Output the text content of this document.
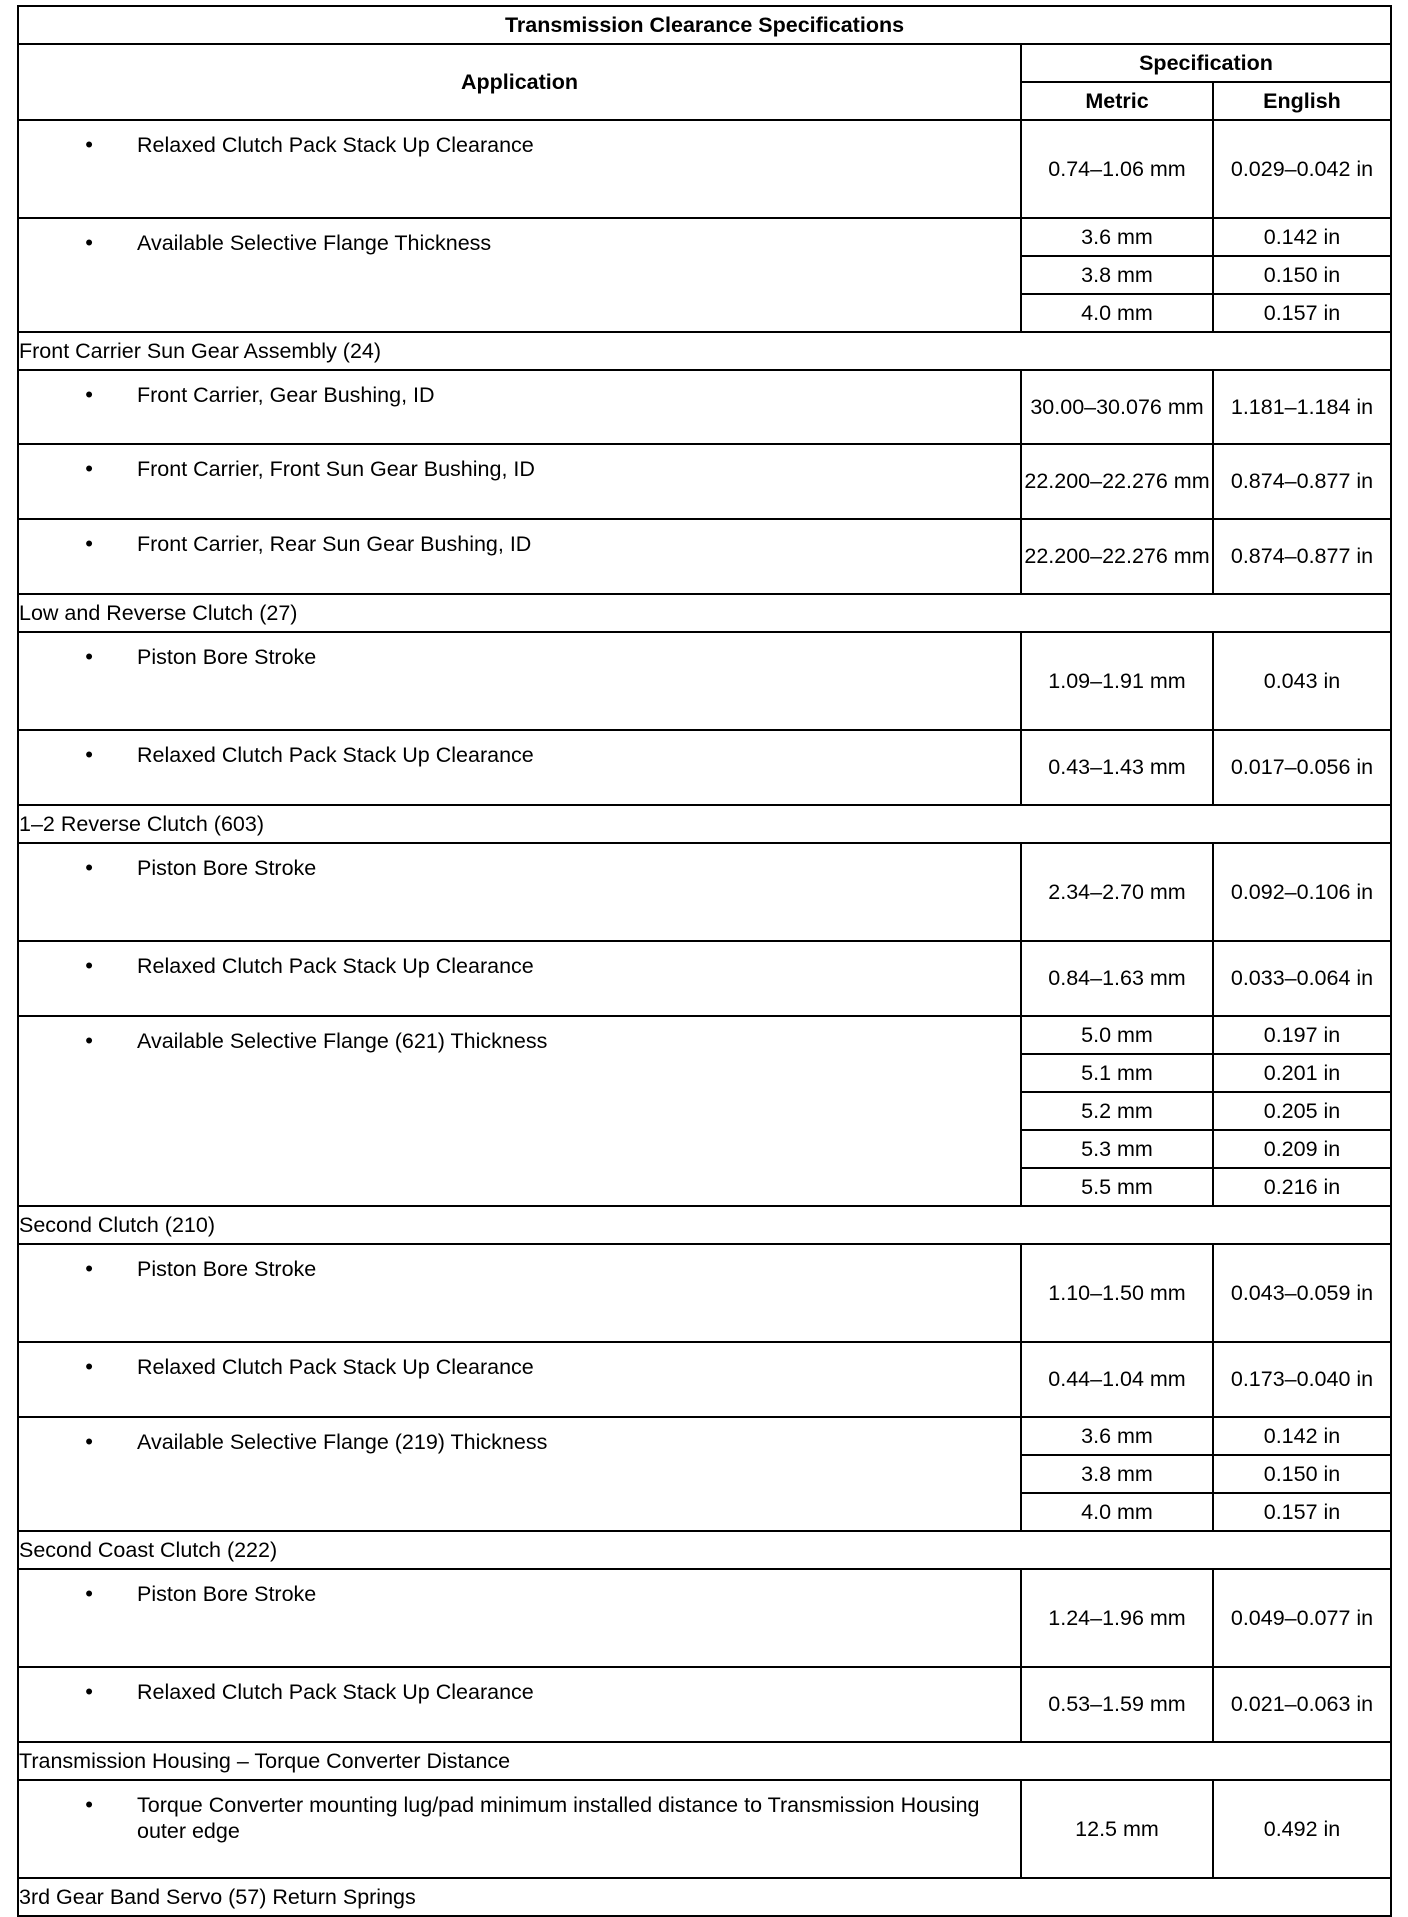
Transmission Clearance Specifications		
Application	Specification	
	Metric	English

• Relaxed Clutch Pack Stack Up Clearance	0.74–1.06 mm	0.029–0.042 in

• Available Selective Flange Thickness	3.6 mm	0.142 in
	3.8 mm	0.150 in
	4.0 mm	0.157 in
Front Carrier Sun Gear Assembly (24)		

• Front Carrier, Gear Bushing, ID	30.00–30.076 mm	1.181–1.184 in

• Front Carrier, Front Sun Gear Bushing, ID	22.200–22.276 mm	0.874–0.877 in

• Front Carrier, Rear Sun Gear Bushing, ID	22.200–22.276 mm	0.874–0.877 in
Low and Reverse Clutch (27)		

• Piston Bore Stroke	1.09–1.91 mm	0.043 in

• Relaxed Clutch Pack Stack Up Clearance	0.43–1.43 mm	0.017–0.056 in
1–2 Reverse Clutch (603)		

• Piston Bore Stroke	2.34–2.70 mm	0.092–0.106 in

• Relaxed Clutch Pack Stack Up Clearance	0.84–1.63 mm	0.033–0.064 in

• Available Selective Flange (621) Thickness	5.0 mm	0.197 in
	5.1 mm	0.201 in
	5.2 mm	0.205 in
	5.3 mm	0.209 in
	5.5 mm	0.216 in
Second Clutch (210)		

• Piston Bore Stroke	1.10–1.50 mm	0.043–0.059 in

• Relaxed Clutch Pack Stack Up Clearance	0.44–1.04 mm	0.173–0.040 in

• Available Selective Flange (219) Thickness	3.6 mm	0.142 in
	3.8 mm	0.150 in
	4.0 mm	0.157 in
Second Coast Clutch (222)		

• Piston Bore Stroke	1.24–1.96 mm	0.049–0.077 in

• Relaxed Clutch Pack Stack Up Clearance	0.53–1.59 mm	0.021–0.063 in
Transmission Housing – Torque Converter Distance		

• Torque Converter mounting lug/pad minimum installed distance to Transmission Housing outer edge	12.5 mm	0.492 in
3rd Gear Band Servo (57) Return Springs		
